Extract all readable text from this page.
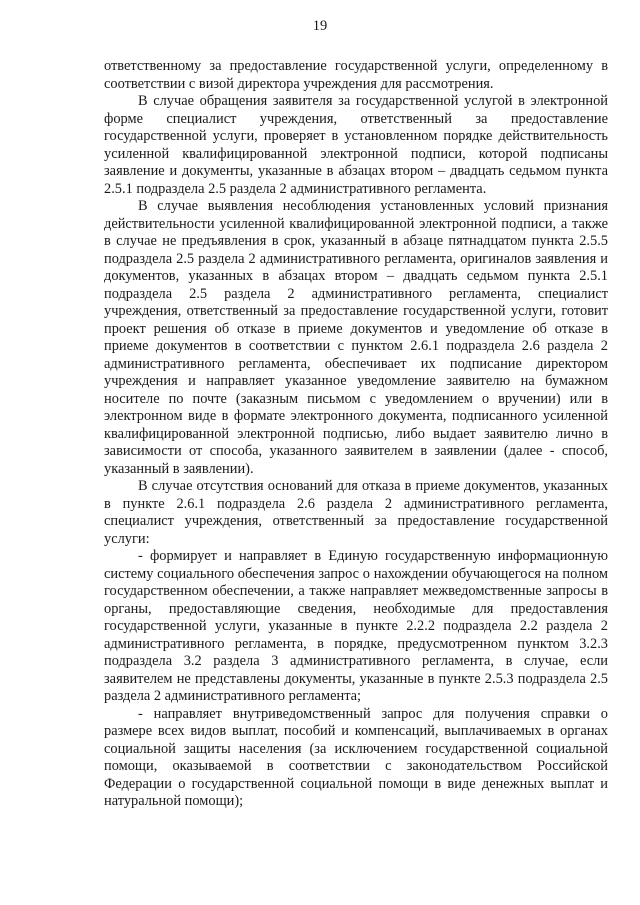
19

ответственному за предоставление государственной услуги, определенному в соответствии с визой директора учреждения для рассмотрения.

В случае обращения заявителя за государственной услугой в электронной форме специалист учреждения, ответственный за предоставление государственной услуги, проверяет в установленном порядке действительность усиленной квалифицированной электронной подписи, которой подписаны заявление и документы, указанные в абзацах втором – двадцать седьмом пункта 2.5.1 подраздела 2.5 раздела 2 административного регламента.

В случае выявления несоблюдения установленных условий признания действительности усиленной квалифицированной электронной подписи, а также в случае не предъявления в срок, указанный в абзаце пятнадцатом пункта 2.5.5 подраздела 2.5 раздела 2 административного регламента, оригиналов заявления и документов, указанных в абзацах втором – двадцать седьмом пункта 2.5.1 подраздела 2.5 раздела 2 административного регламента, специалист учреждения, ответственный за предоставление государственной услуги, готовит проект решения об отказе в приеме документов и уведомление об отказе в приеме документов в соответствии с пунктом 2.6.1 подраздела 2.6 раздела 2 административного регламента, обеспечивает их подписание директором учреждения и направляет указанное уведомление заявителю на бумажном носителе по почте (заказным письмом с уведомлением о вручении) или в электронном виде в формате электронного документа, подписанного усиленной квалифицированной электронной подписью, либо выдает заявителю лично в зависимости от способа, указанного заявителем в заявлении (далее - способ, указанный в заявлении).

В случае отсутствия оснований для отказа в приеме документов, указанных в пункте 2.6.1 подраздела 2.6 раздела 2 административного регламента, специалист учреждения, ответственный за предоставление государственной услуги:

- формирует и направляет в Единую государственную информационную систему социального обеспечения запрос о нахождении обучающегося на полном государственном обеспечении, а также направляет межведомственные запросы в органы, предоставляющие сведения, необходимые для предоставления государственной услуги, указанные в пункте 2.2.2 подраздела 2.2 раздела 2 административного регламента, в порядке, предусмотренном пунктом 3.2.3 подраздела 3.2 раздела 3 административного регламента, в случае, если заявителем не представлены документы, указанные в пункте 2.5.3 подраздела 2.5 раздела 2 административного регламента;

- направляет внутриведомственный запрос для получения справки о размере всех видов выплат, пособий и компенсаций, выплачиваемых в органах социальной защиты населения (за исключением государственной социальной помощи, оказываемой в соответствии с законодательством Российской Федерации о государственной социальной помощи в виде денежных выплат и натуральной помощи);
